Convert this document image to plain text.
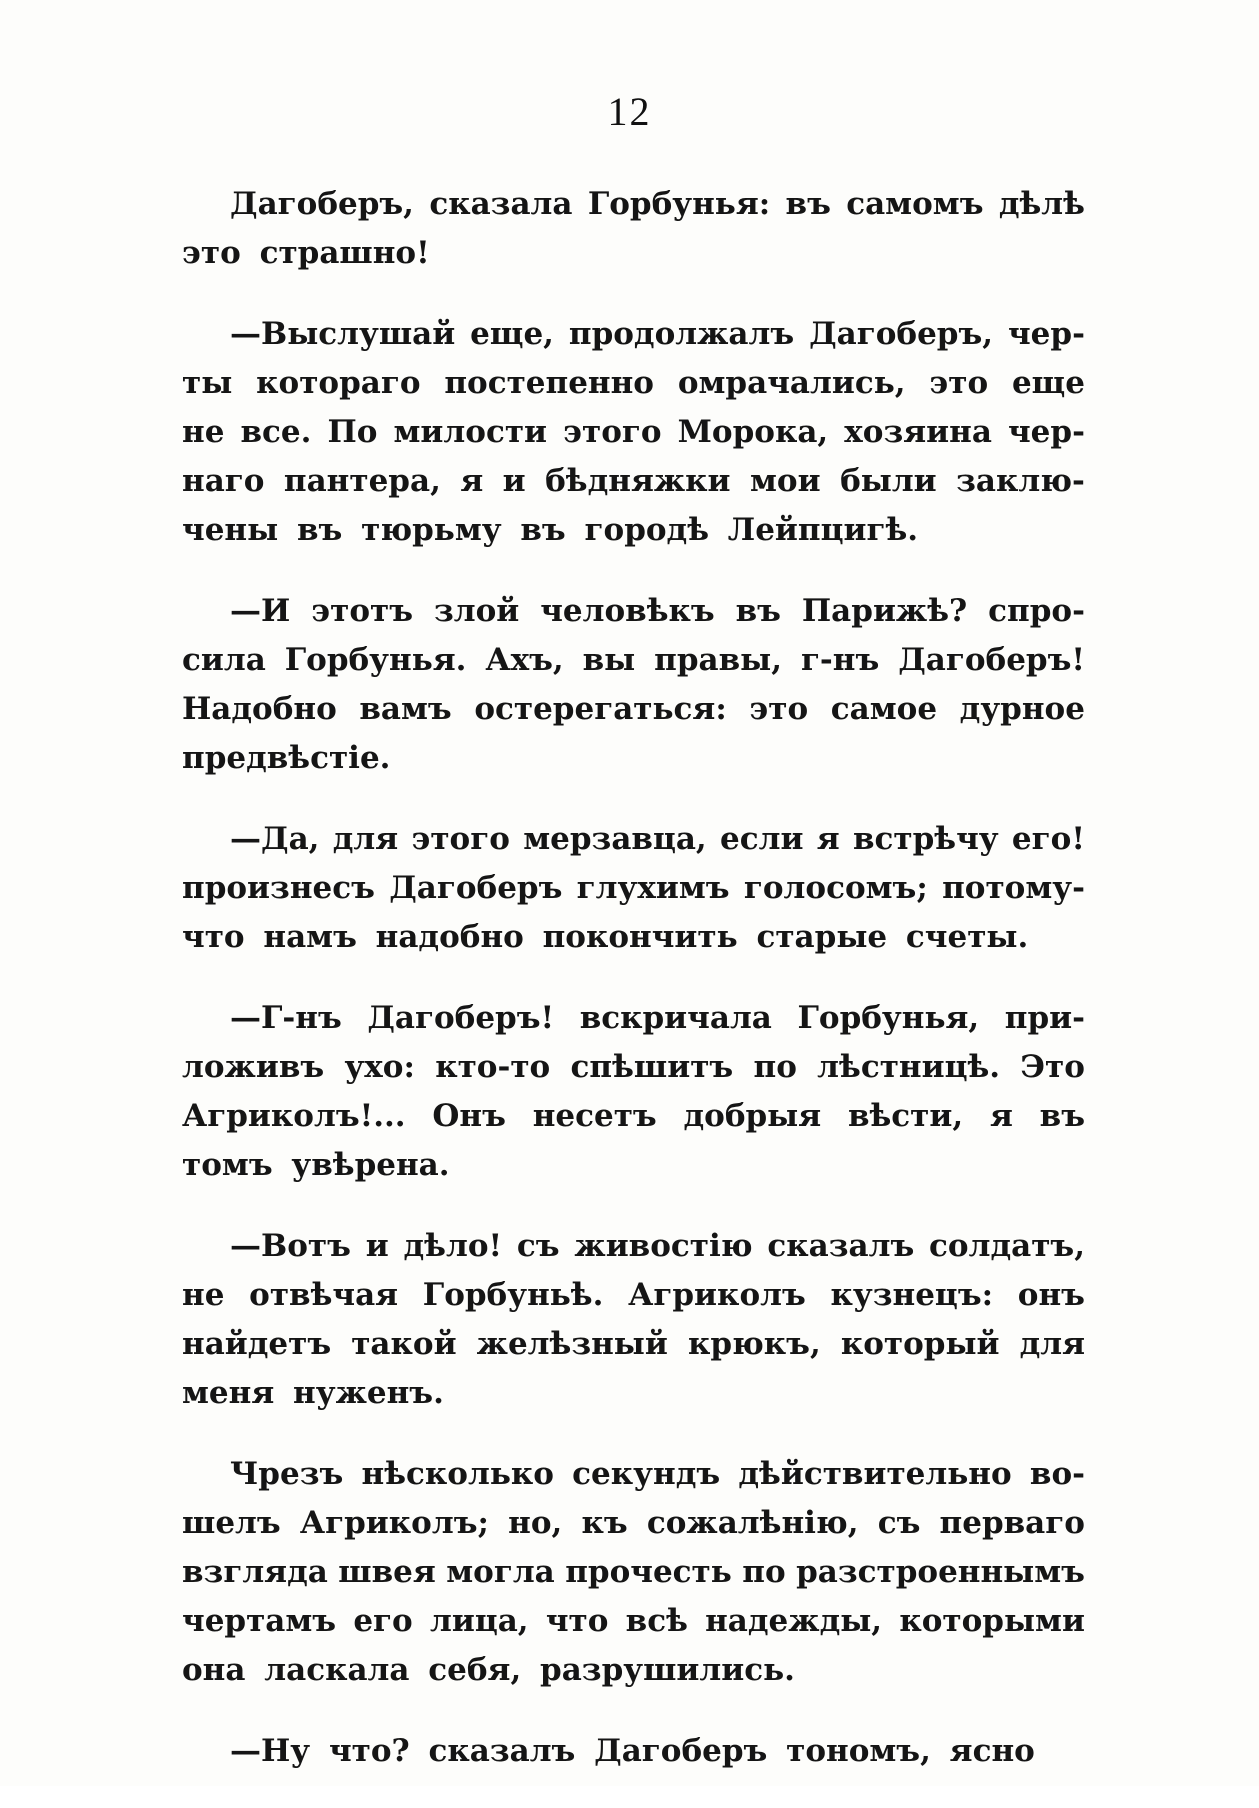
12
Дагоберъ, сказала Горбунья: въ самомъ дѣлѣ
это страшно!
—Выслушай еще, продолжалъ Дагоберъ, чер-
ты котораго постепенно омрачались, это еще
не все. По милости этого Морока, хозяина чер-
наго пантера, я и бѣдняжки мои были заклю-
чены въ тюрьму въ городѣ Лейпцигѣ.
—И этотъ злой человѣкъ въ Парижѣ? спро-
сила Горбунья. Ахъ, вы правы, г-нъ Дагоберъ!
Надобно вамъ остерегаться: это самое дурное
предвѣстіе.
—Да, для этого мерзавца, если я встрѣчу его!
произнесъ Дагоберъ глухимъ голосомъ; потому-
что намъ надобно покончить старые счеты.
—Г-нъ Дагоберъ! вскричала Горбунья, при-
ложивъ ухо: кто-то спѣшитъ по лѣстницѣ. Это
Агриколъ!... Онъ несетъ добрыя вѣсти, я въ
томъ увѣрена.
—Вотъ и дѣло! съ живостію сказалъ солдатъ,
не отвѣчая Горбуньѣ. Агриколъ кузнецъ: онъ
найдетъ такой желѣзный крюкъ, который для
меня нуженъ.
Чрезъ нѣсколько секундъ дѣйствительно во-
шелъ Агриколъ; но, къ сожалѣнію, съ перваго
взгляда швея могла прочесть по разстроеннымъ
чертамъ его лица, что всѣ надежды, которыми
она ласкала себя, разрушились.
—Ну что? сказалъ Дагоберъ тономъ, ясно
